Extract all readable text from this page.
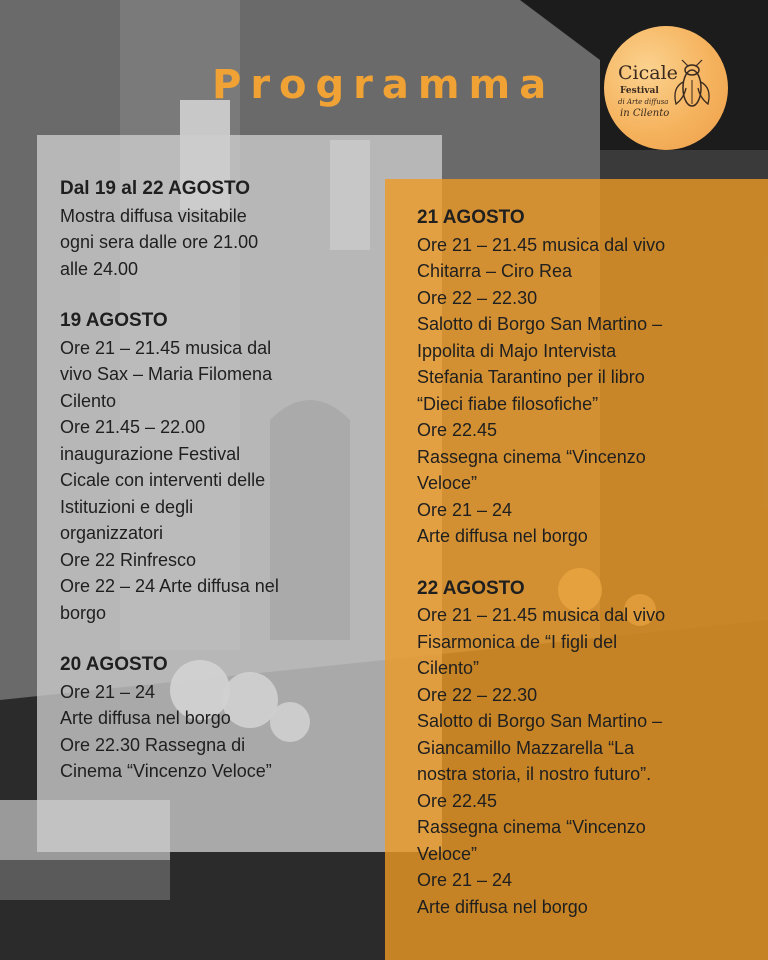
Programma	Cicale
Festival
di Arte diffusa
in Cilento
Dal 19 al 22 AGOSTO
Mostra diffusa visitabile
ogni sera dalle ore 21.00
alle 24.00
19 AGOSTO
Ore 21 – 21.45 musica dal
vivo Sax – Maria Filomena
Cilento
Ore 21.45 – 22.00
inaugurazione Festival
Cicale con interventi delle
Istituzioni e degli
organizzatori
Ore 22 Rinfresco
Ore 22 – 24 Arte diffusa nel
borgo
20 AGOSTO
Ore 21 – 24
Arte diffusa nel borgo
Ore 22.30 Rassegna di
Cinema “Vincenzo Veloce”
21 AGOSTO
Ore 21 – 21.45 musica dal vivo
Chitarra – Ciro Rea
Ore 22 – 22.30
Salotto di Borgo San Martino –
Ippolita di Majo Intervista
Stefania Tarantino per il libro
“Dieci fiabe filosofiche”
Ore 22.45
Rassegna cinema “Vincenzo
Veloce”
Ore 21 – 24
Arte diffusa nel borgo
22 AGOSTO
Ore 21 – 21.45 musica dal vivo
Fisarmonica de “I figli del
Cilento”
Ore 22 – 22.30
Salotto di Borgo San Martino –
Giancamillo Mazzarella “La
nostra storia, il nostro futuro”.
Ore 22.45
Rassegna cinema “Vincenzo
Veloce”
Ore 21 – 24
Arte diffusa nel borgo
